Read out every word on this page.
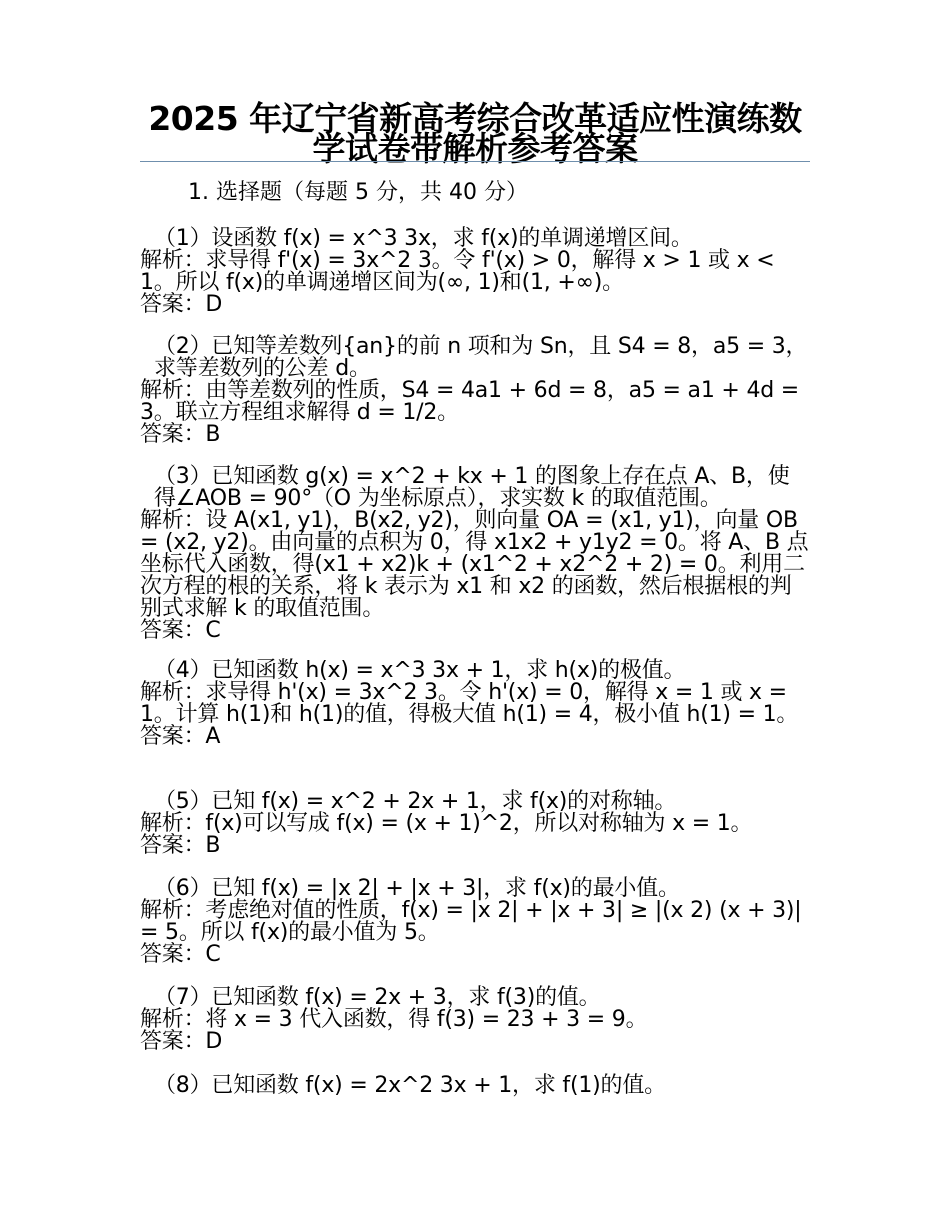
2025 年辽宁省新高考综合改革适应性演练数学试卷带解析参考答案
1. 选择题（每题 5 分，共 40 分）
（1）设函数 f(x) = x^3 3x，求 f(x)的单调递增区间。
解析：求导得 f'(x) = 3x^2 3。令 f'(x) > 0，解得 x > 1 或 x < 1。所以 f(x)的单调递增区间为(∞, 1)和(1, +∞)。
答案：D
（2）已知等差数列{an}的前 n 项和为 Sn，且 S4 = 8，a5 = 3，求等差数列的公差 d。
解析：由等差数列的性质，S4 = 4a1 + 6d = 8，a5 = a1 + 4d = 3。联立方程组求解得 d = 1/2。
答案：B
（3）已知函数 g(x) = x^2 + kx + 1 的图象上存在点 A、B，使得∠AOB = 90°（O 为坐标原点），求实数 k 的取值范围。
解析：设 A(x1, y1)，B(x2, y2)，则向量 OA = (x1, y1)，向量 OB = (x2, y2)。由向量的点积为 0，得 x1x2 + y1y2 = 0。将 A、B 点坐标代入函数，得(x1 + x2)k + (x1^2 + x2^2 + 2) = 0。利用二次方程的根的关系，将 k 表示为 x1 和 x2 的函数，然后根据根的判别式求解 k 的取值范围。
答案：C
（4）已知函数 h(x) = x^3 3x + 1，求 h(x)的极值。
解析：求导得 h'(x) = 3x^2 3。令 h'(x) = 0，解得 x = 1 或 x = 1。计算 h(1)和 h(1)的值，得极大值 h(1) = 4，极小值 h(1) = 1。
答案：A
（5）已知 f(x) = x^2 + 2x + 1，求 f(x)的对称轴。
解析：f(x)可以写成 f(x) = (x + 1)^2，所以对称轴为 x = 1。
答案：B
（6）已知 f(x) = |x 2| + |x + 3|，求 f(x)的最小值。
解析：考虑绝对值的性质，f(x) = |x 2| + |x + 3| ≥ |(x 2) (x + 3)| = 5。所以 f(x)的最小值为 5。
答案：C
（7）已知函数 f(x) = 2x + 3，求 f(3)的值。
解析：将 x = 3 代入函数，得 f(3) = 23 + 3 = 9。
答案：D
（8）已知函数 f(x) = 2x^2 3x + 1，求 f(1)的值。
